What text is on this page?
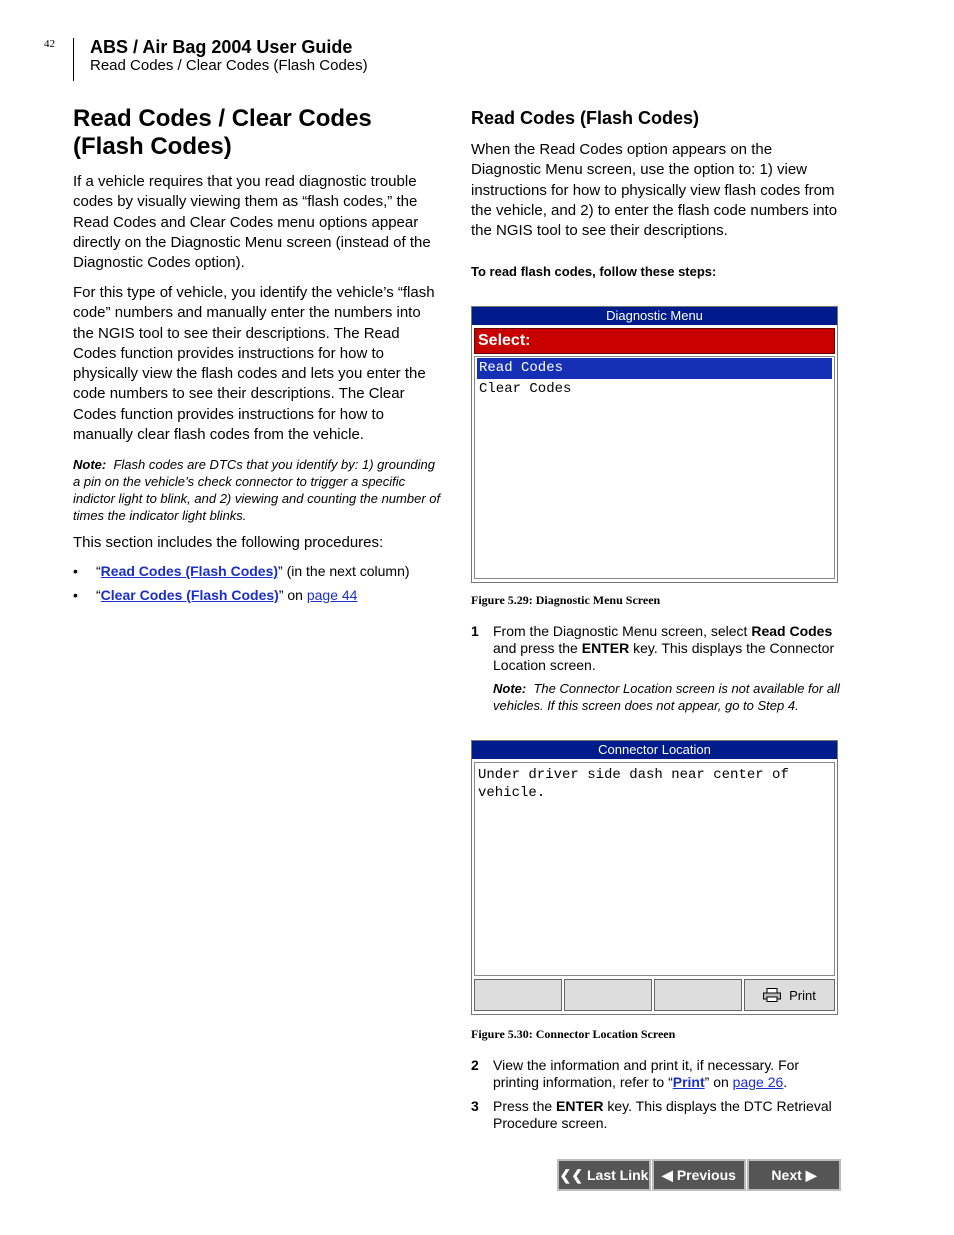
42 ABS / Air Bag 2004 User Guide
Read Codes / Clear Codes (Flash Codes)
Read Codes / Clear Codes
(Flash Codes)
If a vehicle requires that you read diagnostic trouble codes by visually viewing them as “flash codes,” the Read Codes and Clear Codes menu options appear directly on the Diagnostic Menu screen (instead of the Diagnostic Codes option).
For this type of vehicle, you identify the vehicle’s “flash code” numbers and manually enter the numbers into the NGIS tool to see their descriptions. The Read Codes function provides instructions for how to physically view the flash codes and lets you enter the code numbers to see their descriptions. The Clear Codes function provides instructions for how to manually clear flash codes from the vehicle.
Note: Flash codes are DTCs that you identify by: 1) grounding a pin on the vehicle’s check connector to trigger a specific indictor light to blink, and 2) viewing and counting the number of times the indicator light blinks.
This section includes the following procedures:
• “Read Codes (Flash Codes)” (in the next column)
• “Clear Codes (Flash Codes)” on page 44
Read Codes (Flash Codes)
When the Read Codes option appears on the Diagnostic Menu screen, use the option to: 1) view instructions for how to physically view flash codes from the vehicle, and 2) to enter the flash code numbers into the NGIS tool to see their descriptions.
To read flash codes, follow these steps:
Diagnostic Menu
Select:
Read Codes
Clear Codes
Figure 5.29: Diagnostic Menu Screen
1 From the Diagnostic Menu screen, select Read Codes and press the ENTER key. This displays the Connector Location screen.
Note: The Connector Location screen is not available for all vehicles. If this screen does not appear, go to Step 4.
Connector Location
Under driver side dash near center of
vehicle.
Print
Figure 5.30: Connector Location Screen
2 View the information and print it, if necessary. For printing information, refer to “Print” on page 26.
3 Press the ENTER key. This displays the DTC Retrieval Procedure screen.
❮❮ Last Link ◀ Previous	Next ▶
